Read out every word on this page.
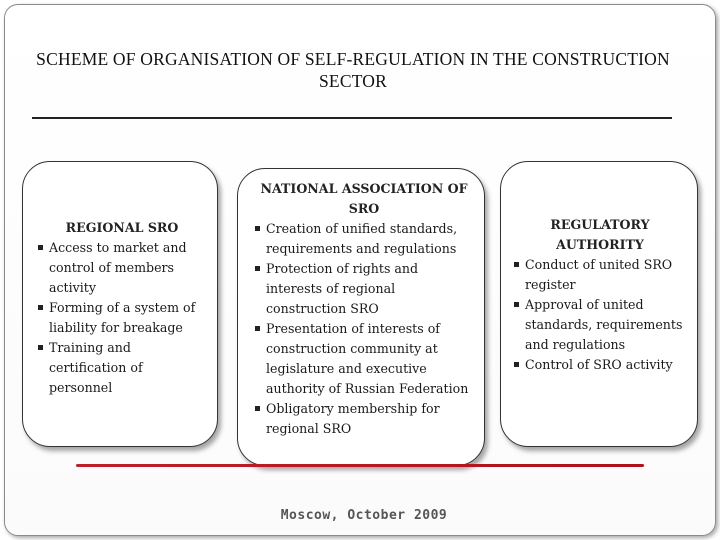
SCHEME OF ORGANISATION OF SELF-REGULATION IN THE CONSTRUCTION SECTOR
REGIONAL SRO
Access to market and control of members activity
Forming of a system of liability for breakage
Training and certification of personnel
NATIONAL ASSOCIATION OF SRO
Creation of unified standards, requirements and regulations
Protection of rights and interests of regional construction SRO
Presentation of interests of construction community at legislature and executive authority of Russian Federation
Obligatory membership for regional SRO
REGULATORY AUTHORITY
Conduct of united SRO register
Approval of united standards, requirements and regulations
Control of SRO activity
Moscow, October 2009
